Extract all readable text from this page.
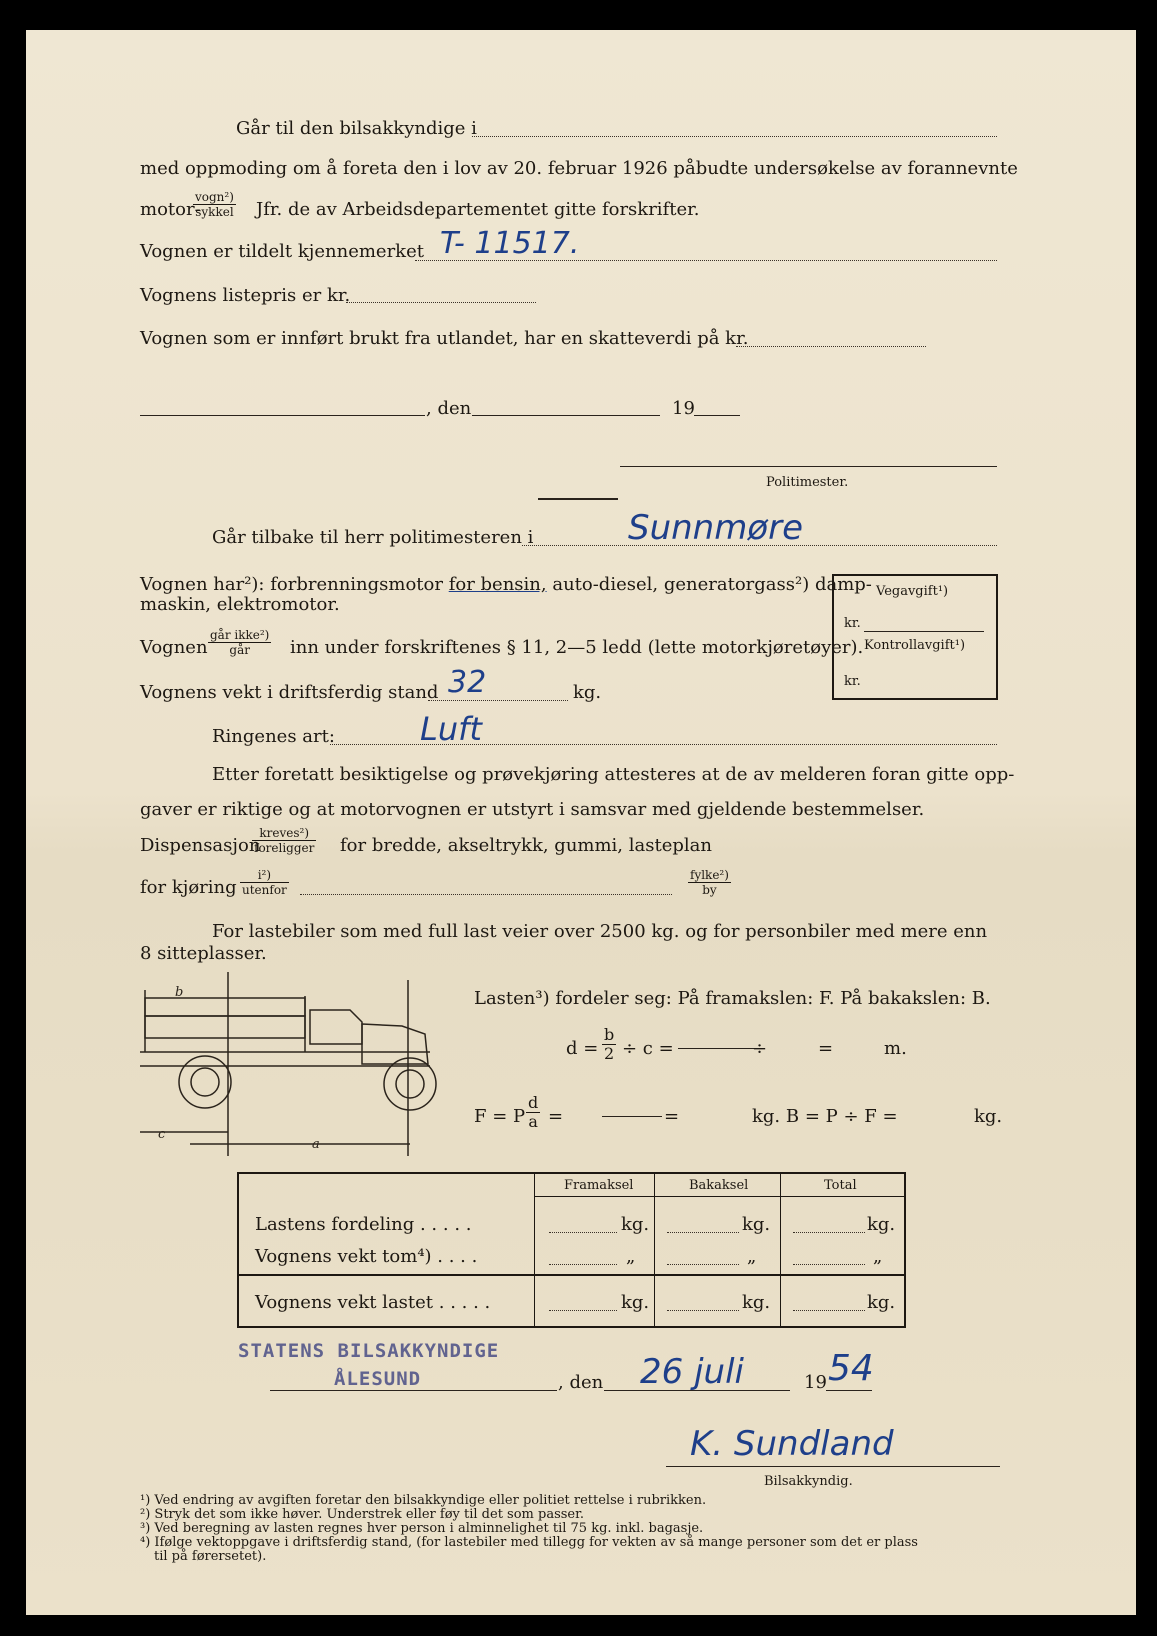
Går til den bilsakkyndige i
med oppmoding om å foreta den i lov av 20. februar 1926 påbudte undersøkelse av forannevnte
motor-
vogn²)
sykkel Jfr. de av Arbeidsdepartementet gitte forskrifter.
Vognen er tildelt kjennemerket T- 11517.
Vognens listepris er kr.
Vognen som er innført brukt fra utlandet, har en skatteverdi på kr.
, den	19
Politimester.
Går tilbake til herr politimesteren i	Sunnmøre
Vognen har²): forbrenningsmotor for bensin, auto-diesel, generatorgass²) damp-
maskin, elektromotor.
Vognen
går ikke²)
går	inn under forskriftenes § 11, 2—5 ledd (lette motorkjøretøyer).
Vognens vekt i driftsferdig stand 32	kg.
Ringenes art:	Luft
Vegavgift¹)
kr.
Kontrollavgift¹)
kr.
Etter foretatt besiktigelse og prøvekjøring attesteres at de av melderen foran gitte opp-
gaver er riktige og at motorvognen er utstyrt i samsvar med gjeldende bestemmelser.
Dispensasjon
kreves²)
foreligger for bredde, akseltrykk, gummi, lasteplan
for kjøring
i²)
utenfor
fylke²)
by
For lastebiler som med full last veier over 2500 kg. og for personbiler med mere enn
8 sitteplasser.
b
c
a
Lasten³) fordeler seg: På framakslen: F. På bakakslen: B.
$d = \frac{b}{2} \div c$ =	÷	=	m.
F = P $\frac{d}{a}$ =	=	kg. B = P ÷ F =	kg.
Framaksel	Bakaksel	Total
Lastens fordeling . . . . .	kg.	kg.	kg.
Vognens vekt tom⁴) . . . .	„	„	„
Vognens vekt lastet . . . . .	kg.	kg.	kg.
STATENS BILSAKKYNDIGE
ÅLESUND	, den 26 juli	19 54
K. Sundland
Bilsakkyndig.
¹) Ved endring av avgiften foretar den bilsakkyndige eller politiet rettelse i rubrikken.
²) Stryk det som ikke høver. Understrek eller føy til det som passer.
³) Ved beregning av lasten regnes hver person i alminnelighet til 75 kg. inkl. bagasje.
⁴) Ifølge vektoppgave i driftsferdig stand, (for lastebiler med tillegg for vekten av så mange personer som det er plass
til på førersetet).
